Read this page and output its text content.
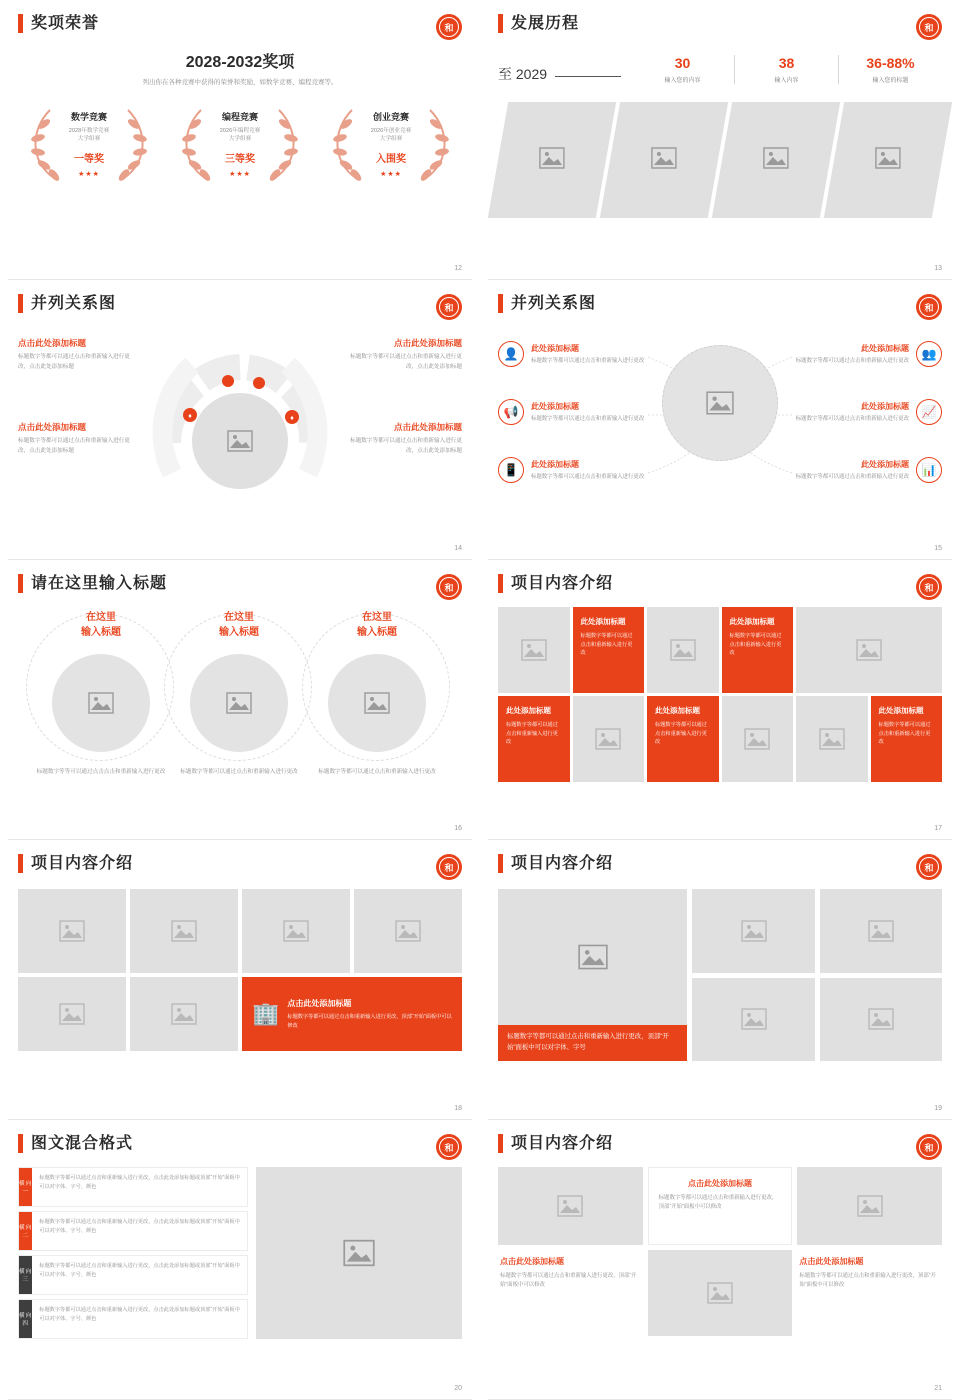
奖项荣誉	和
2028-2032奖项

列出你在各种竞赛中获得的荣誉和奖励，如数学竞赛、编程竞赛等。

数学竞赛
2028年数学竞赛
大学组赛
一等奖
★★★
编程竞赛
2026年编程竞赛
大学组赛
三等奖
★★★
创业竞赛
2026年创业竞赛
大学组赛
入围奖
★★★
12
发展历程	和
至 2029
30
输入您的内容
38
输入内容
36-88%
输入您的标题
13
并列关系图	和
点击此处添加标题

标题数字等都可以通过点击和重新输入进行更改，点击此处添加标题

点击此处添加标题

标题数字等都可以通过点击和重新输入进行更改，点击此处添加标题

点击此处添加标题

标题数字等都可以通过点击和重新输入进行更改，点击此处添加标题

点击此处添加标题

标题数字等都可以通过点击和重新输入进行更改，点击此处添加标题

♦	♦
14
并列关系图	和
👤	此处添加标题

标题数字等都可以通过点击和重新输入进行更改

📢	此处添加标题

标题数字等都可以通过点击和重新输入进行更改

📱	此处添加标题

标题数字等都可以通过点击和重新输入进行更改

👥
此处添加标题

标题数字等都可以通过点击和重新输入进行更改

📈
此处添加标题

标题数字等都可以通过点击和重新输入进行更改

📊
此处添加标题

标题数字等都可以通过点击和重新输入进行更改

15
请在这里输入标题	和
在这里
输入标题
标题数字等等可以通过点击点击和重新输入进行更改
在这里
输入标题
标题数字等都可以通过点击和重新输入进行更改
在这里
输入标题
标题数字等都可以通过点击和重新输入进行更改
16
项目内容介绍	和
此处添加标题

标题数字等都可以通过点击和重新输入进行更改

此处添加标题

标题数字等都可以通过点击和重新输入进行更改

此处添加标题

标题数字等都可以通过点击和重新输入进行更改

此处添加标题

标题数字等都可以通过点击和重新输入进行更改

此处添加标题

标题数字等都可以通过点击和重新输入进行更改

17
项目内容介绍	和
🏢 点击此处添加标题

标题数字等都可以通过点击和重新输入进行更改，顶部“开始”面板中可以修改

18
项目内容介绍	和
标题数字等都可以通过点击和重新输入进行更改，顶部“开始”面板中可以对字体、字号
19
图文混合格式	和
横向一

标题数字等都可以通过点击和重新输入进行更改，点击此处添加标题或顶部“开始”面板中可以对字体、字号、颜色

横向二

标题数字等都可以通过点击和重新输入进行更改，点击此处添加标题或顶部“开始”面板中可以对字体、字号、颜色

横向三

标题数字等都可以通过点击和重新输入进行更改，点击此处添加标题或顶部“开始”面板中可以对字体、字号、颜色

横向四

标题数字等都可以通过点击和重新输入进行更改，点击此处添加标题或顶部“开始”面板中可以对字体、字号、颜色

20
项目内容介绍	和
点击此处添加标题

标题数字等都可以通过点击和重新输入进行更改，顶部“开始”面板中可以修改

点击此处添加标题

标题数字等都可以通过点击和重新输入进行更改，顶部“开始”面板中可以修改

点击此处添加标题

标题数字等都可以通过点击和重新输入进行更改，顶部“开始”面板中可以修改

21
